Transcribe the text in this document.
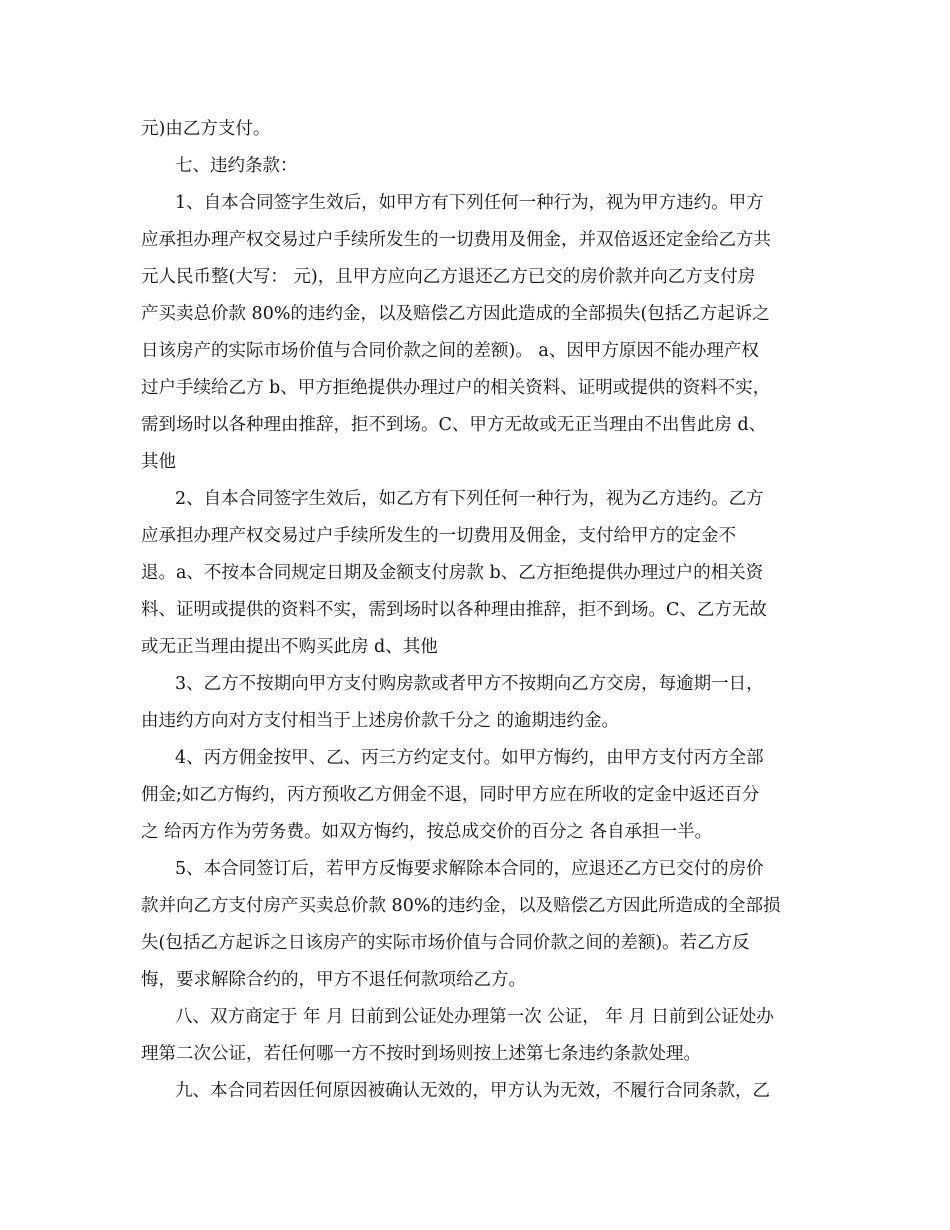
元)由乙方支付。
七、违约条款：
1、自本合同签字生效后，如甲方有下列任何一种行为，视为甲方违约。甲方
应承担办理产权交易过户手续所发生的一切费用及佣金，并双倍返还定金给乙方共
元人民币整(大写： 元)，且甲方应向乙方退还乙方已交的房价款并向乙方支付房
产买卖总价款 80%的违约金，以及赔偿乙方因此造成的全部损失(包括乙方起诉之
日该房产的实际市场价值与合同价款之间的差额)。 a、因甲方原因不能办理产权
过户手续给乙方 b、甲方拒绝提供办理过户的相关资料、证明或提供的资料不实，
需到场时以各种理由推辞，拒不到场。C、甲方无故或无正当理由不出售此房 d、
其他
2、自本合同签字生效后，如乙方有下列任何一种行为，视为乙方违约。乙方
应承担办理产权交易过户手续所发生的一切费用及佣金，支付给甲方的定金不
退。a、不按本合同规定日期及金额支付房款 b、乙方拒绝提供办理过户的相关资
料、证明或提供的资料不实，需到场时以各种理由推辞，拒不到场。C、乙方无故
或无正当理由提出不购买此房 d、其他
3、乙方不按期向甲方支付购房款或者甲方不按期向乙方交房，每逾期一日，
由违约方向对方支付相当于上述房价款千分之 的逾期违约金。
4、丙方佣金按甲、乙、丙三方约定支付。如甲方悔约，由甲方支付丙方全部
佣金;如乙方悔约，丙方预收乙方佣金不退，同时甲方应在所收的定金中返还百分
之 给丙方作为劳务费。如双方悔约，按总成交价的百分之 各自承担一半。
5、本合同签订后，若甲方反悔要求解除本合同的，应退还乙方已交付的房价
款并向乙方支付房产买卖总价款 80%的违约金，以及赔偿乙方因此所造成的全部损
失(包括乙方起诉之日该房产的实际市场价值与合同价款之间的差额)。若乙方反
悔，要求解除合约的，甲方不退任何款项给乙方。
八、双方商定于 年 月 日前到公证处办理第一次 公证， 年 月 日前到公证处办
理第二次公证，若任何哪一方不按时到场则按上述第七条违约条款处理。
九、本合同若因任何原因被确认无效的，甲方认为无效，不履行合同条款，乙
